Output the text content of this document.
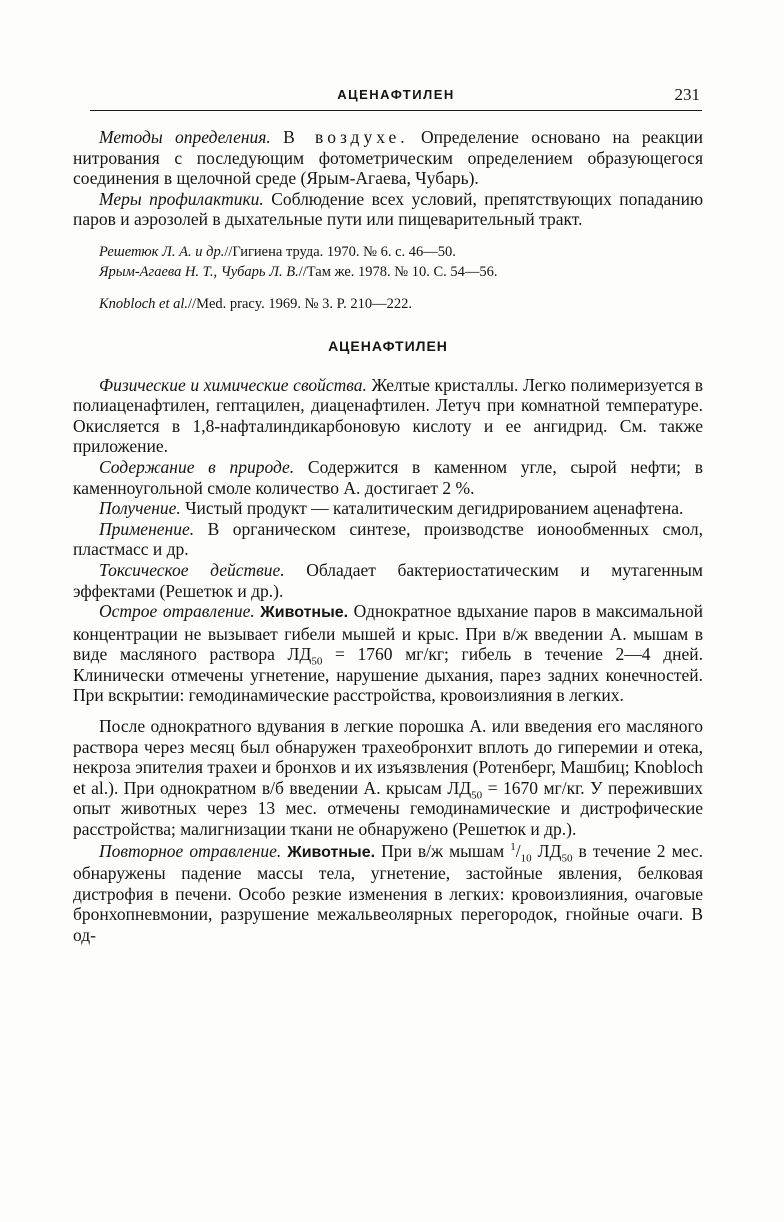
АЦЕНАФТИЛЕН	231

Методы определения. В воздухе. Определение основано на реакции нитрования с последующим фотометрическим определением образующегося соединения в щелочной среде (Ярым-Агаева, Чубарь).

Меры профилактики. Соблюдение всех условий, препятствующих попаданию паров и аэрозолей в дыхательные пути или пищеварительный тракт.

Решетюк Л. А. и др.//Гигиена труда. 1970. № 6. с. 46—50.

Ярым-Агаева Н. Т., Чубарь Л. В.//Там же. 1978. № 10. С. 54—56.

Knobloch et al.//Med. pracy. 1969. № 3. P. 210—222.

АЦЕНАФТИЛЕН

Физические и химические свойства. Желтые кристаллы. Легко полимеризуется в полиаценафтилен, гептацилен, диаценафтилен. Летуч при комнатной температуре. Окисляется в 1,8-нафталиндикарбоновую кислоту и ее ангидрид. См. также приложение.

Содержание в природе. Содержится в каменном угле, сырой нефти; в каменноугольной смоле количество А. достигает 2 %.

Получение. Чистый продукт — каталитическим дегидрированием аценафтена.

Применение. В органическом синтезе, производстве ионообменных смол, пластмасс и др.

Токсическое действие. Обладает бактериостатическим и мутагенным эффектами (Решетюк и др.).

Острое отравление. Животные. Однократное вдыхание паров в максимальной концентрации не вызывает гибели мышей и крыс. При в/ж введении А. мышам в виде масляного раствора $ЛД_{50} = 1760$ мг/кг; гибель в течение 2—4 дней. Клинически отмечены угнетение, нарушение дыхания, парез задних конечностей. При вскрытии: гемодинамические расстройства, кровоизлияния в легких.

После однократного вдувания в легкие порошка А. или введения его масляного раствора через месяц был обнаружен трахеобронхит вплоть до гиперемии и отека, некроза эпителия трахеи и бронхов и их изъязвления (Ротенберг, Машбиц; Knobloch et al.). При однократном в/б введении А. крысам $ЛД_{50} = 1670$ мг/кг. У переживших опыт животных через 13 мес. отмечены гемодинамические и дистрофические расстройства; малигнизации ткани не обнаружено (Решетюк и др.).

Повторное отравление. Животные. При в/ж мышам $^1/_{10}$ $ЛД_{50}$ в течение 2 мес. обнаружены падение массы тела, угнетение, застойные явления, белковая дистрофия в печени. Особо резкие изменения в легких: кровоизлияния, очаговые бронхопневмонии, разрушение межальвеолярных перегородок, гнойные очаги. В од-
